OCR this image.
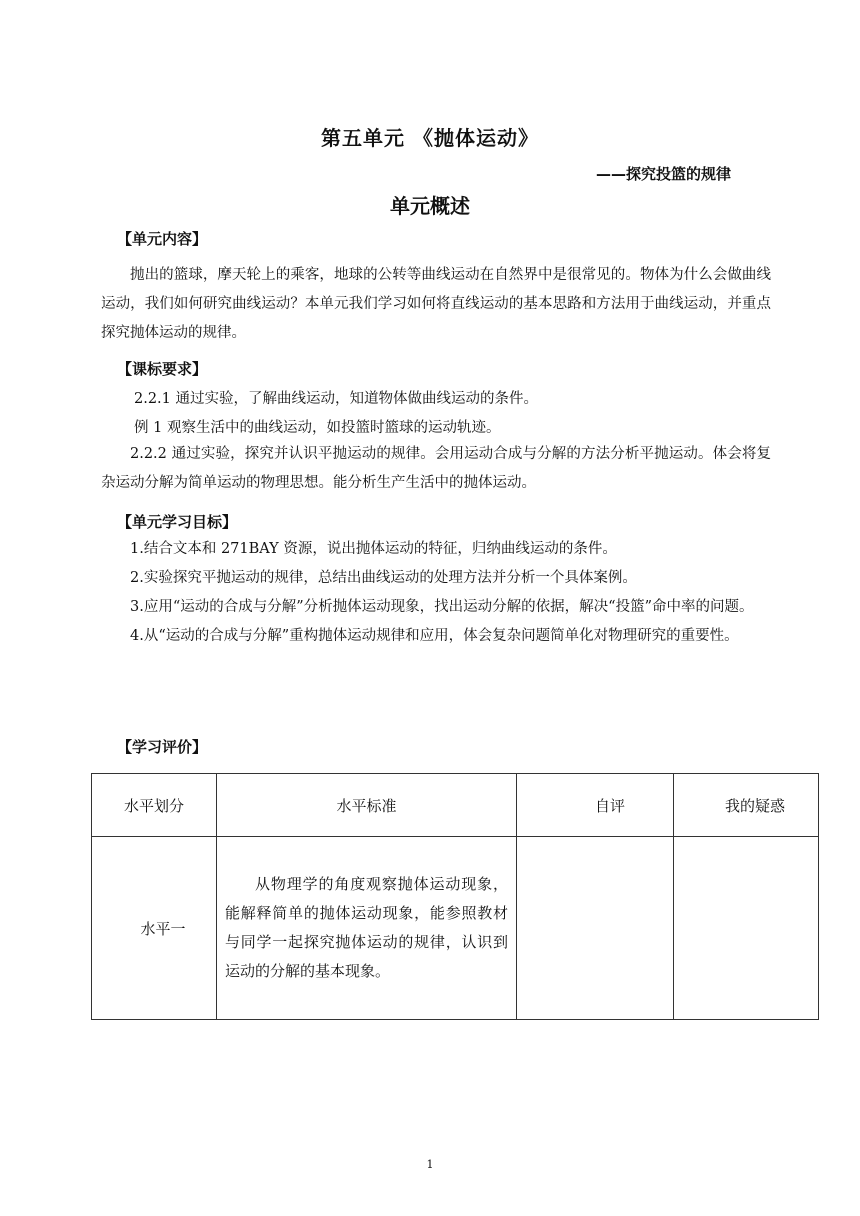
第五单元 《抛体运动》
——探究投篮的规律
单元概述
【单元内容】

抛出的篮球，摩天轮上的乘客，地球的公转等曲线运动在自然界中是很常见的。物体为什么会做曲线运动，我们如何研究曲线运动？本单元我们学习如何将直线运动的基本思路和方法用于曲线运动，并重点探究抛体运动的规律。

【课标要求】
2.2.1 通过实验，了解曲线运动，知道物体做曲线运动的条件。
例 1 观察生活中的曲线运动，如投篮时篮球的运动轨迹。

2.2.2 通过实验，探究并认识平抛运动的规律。会用运动合成与分解的方法分析平抛运动。体会将复杂运动分解为简单运动的物理思想。能分析生产生活中的抛体运动。

【单元学习目标】

1.结合文本和 271BAY 资源，说出抛体运动的特征，归纳曲线运动的条件。

2.实验探究平抛运动的规律，总结出曲线运动的处理方法并分析一个具体案例。

3.应用“运动的合成与分解”分析抛体运动现象，找出运动分解的依据，解决“投篮”命中率的问题。

4.从“运动的合成与分解”重构抛体运动规律和应用，体会复杂问题简单化对物理研究的重要性。

【学习评价】
水平划分	水平标准	自评	我的疑惑
水平一	从物理学的角度观察抛体运动现象，能解释简单的抛体运动现象，能参照教材与同学一起探究抛体运动的规律，认识到运动的分解的基本现象。		
1
